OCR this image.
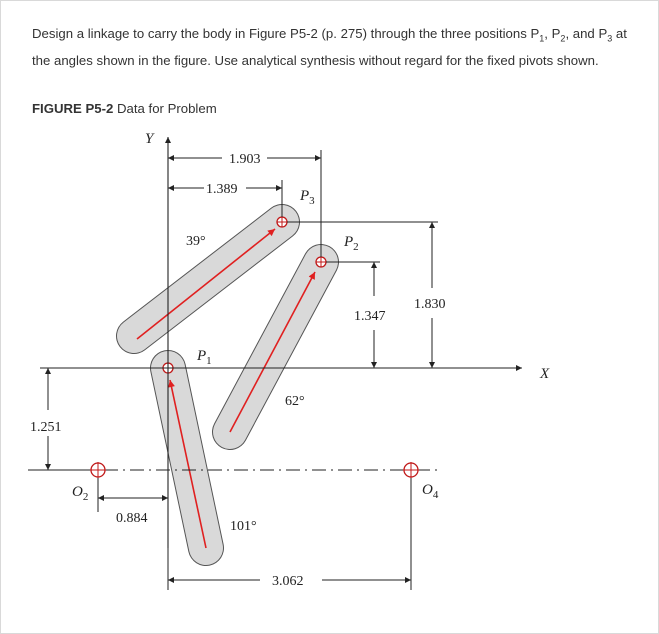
Design a linkage to carry the body in Figure P5-2 (p. 275) through the three positions $P_1$, $P_2$, and $P_3$ at the angles shown in the figure. Use analytical synthesis without regard for the fixed pivots shown.

FIGURE P5-2 Data for Problem
Y
X
$O_2$	$O_4$
1.903
1.389
1.347
1.830
1.251
0.884
3.062
39°
62°
101°
$P_1$
$P_2$
$P_3$
